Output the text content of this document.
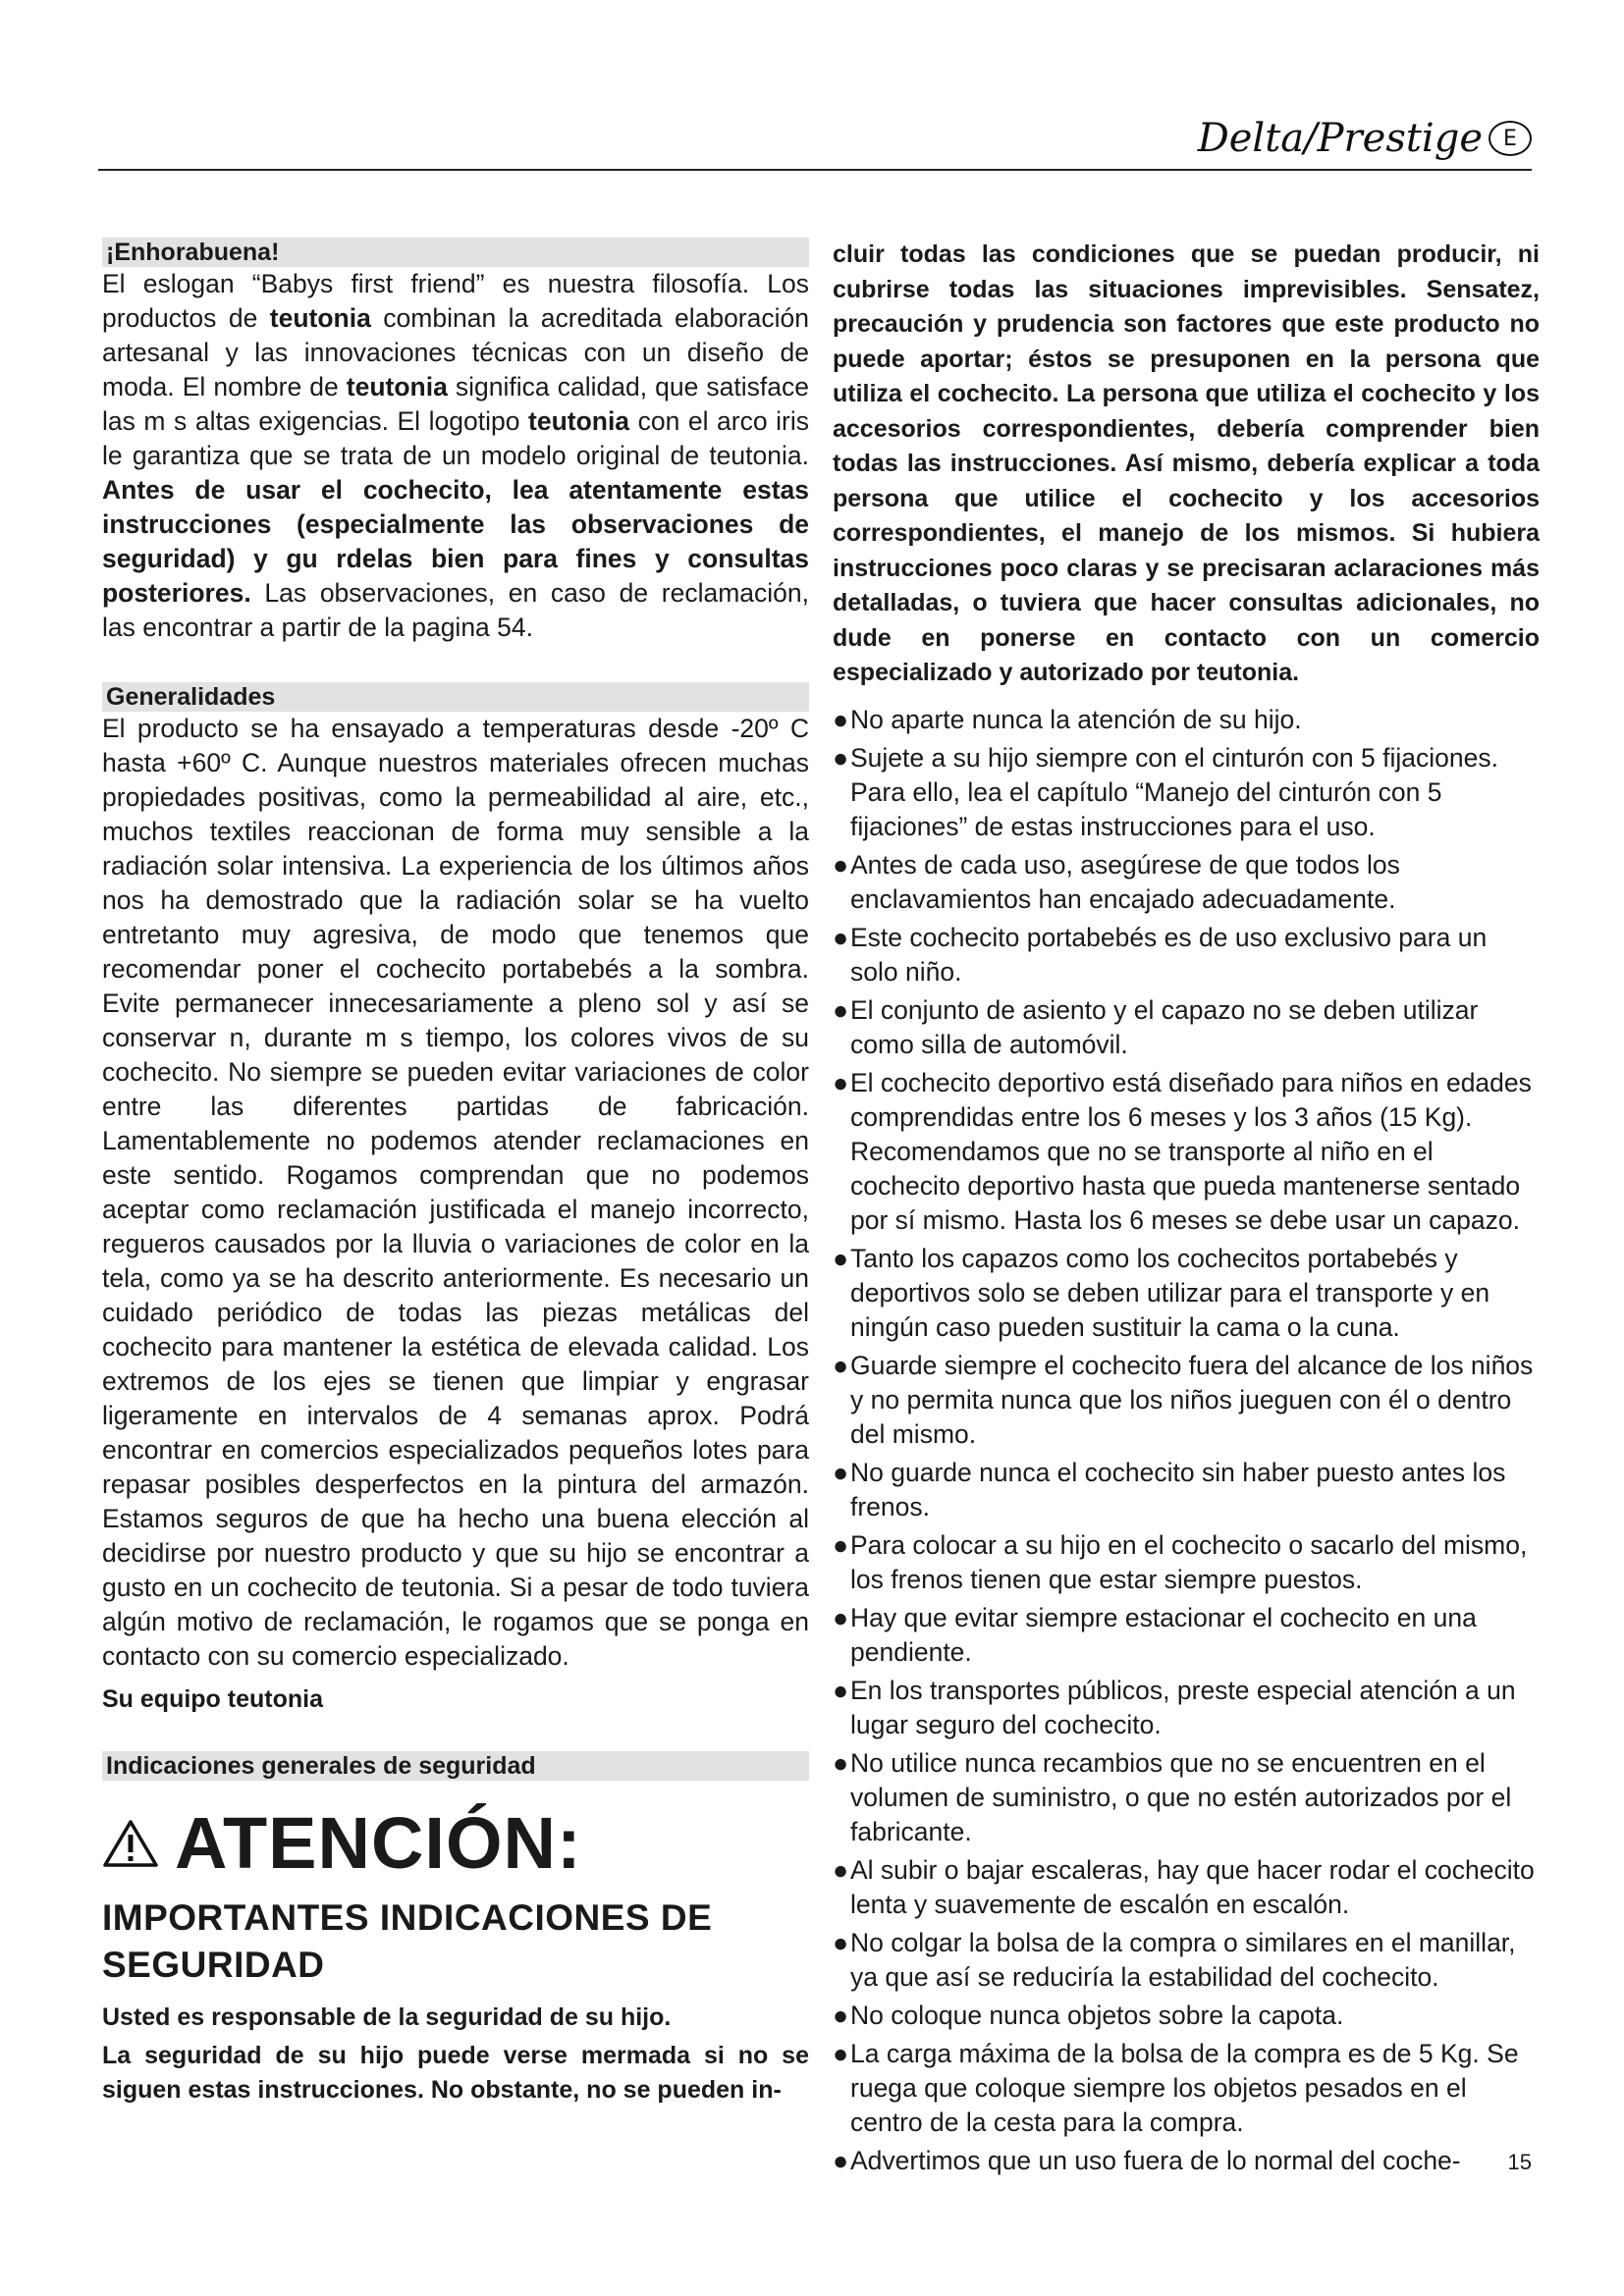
Delta/Prestige E
¡Enhorabuena!

El eslogan “Babys first friend” es nuestra filosofía. Los productos de teutonia combinan la acreditada elaboración artesanal y las innovaciones técnicas con un diseño de moda. El nombre de teutonia significa calidad, que satisface las m s altas exigencias. El logotipo teutonia con el arco iris le garantiza que se trata de un modelo original de teutonia. Antes de usar el cochecito, lea atentamente estas instrucciones (especialmente las observaciones de seguridad) y gu rdelas bien para fines y consultas posteriores. Las observaciones, en caso de reclamación, las encontrar a partir de la pagina 54.

Generalidades

El producto se ha ensayado a temperaturas desde -20º C hasta +60º C. Aunque nuestros materiales ofrecen muchas propiedades positivas, como la permeabilidad al aire, etc., muchos textiles reaccionan de forma muy sensible a la radiación solar intensiva. La experiencia de los últimos años nos ha demostrado que la radiación solar se ha vuelto entretanto muy agresiva, de modo que tenemos que recomendar poner el cochecito portabebés a la sombra. Evite permanecer innecesariamente a pleno sol y así se conservar n, durante m s tiempo, los colores vivos de su cochecito. No siempre se pueden evitar variaciones de color entre las diferentes partidas de fabricación. Lamentablemente no podemos atender reclamaciones en este sentido. Rogamos comprendan que no podemos aceptar como reclamación justificada el manejo incorrecto, regueros causados por la lluvia o variaciones de color en la tela, como ya se ha descrito anteriormente. Es necesario un cuidado periódico de todas las piezas metálicas del cochecito para mantener la estética de elevada calidad. Los extremos de los ejes se tienen que limpiar y engrasar ligeramente en intervalos de 4 semanas aprox. Podrá encontrar en comercios especializados pequeños lotes para repasar posibles desperfectos en la pintura del armazón. Estamos seguros de que ha hecho una buena elección al decidirse por nuestro producto y que su hijo se encontrar a gusto en un cochecito de teutonia. Si a pesar de todo tuviera algún motivo de reclamación, le rogamos que se ponga en contacto con su comercio especializado.

Su equipo teutonia
Indicaciones generales de seguridad
ATENCIÓN:
IMPORTANTES INDICACIONES DE SEGURIDAD

Usted es responsable de la seguridad de su hijo.

La seguridad de su hijo puede verse mermada si no se siguen estas instrucciones. No obstante, no se pueden in-

cluir todas las condiciones que se puedan producir, ni cubrirse todas las situaciones imprevisibles. Sensatez, precaución y prudencia son factores que este producto no puede aportar; éstos se presuponen en la persona que utiliza el cochecito. La persona que utiliza el cochecito y los accesorios correspondientes, debería comprender bien todas las instrucciones. Así mismo, debería explicar a toda persona que utilice el cochecito y los accesorios correspondientes, el manejo de los mismos. Si hubiera instrucciones poco claras y se precisaran aclaraciones más detalladas, o tuviera que hacer consultas adicionales, no dude en ponerse en contacto con un comercio especializado y autorizado por teutonia.

● No aparte nunca la atención de su hijo.
● Sujete a su hijo siempre con el cinturón con 5 fijaciones. Para ello, lea el capítulo “Manejo del cinturón con 5 fijaciones” de estas instrucciones para el uso.
● Antes de cada uso, asegúrese de que todos los enclavamientos han encajado adecuadamente.
● Este cochecito portabebés es de uso exclusivo para un solo niño.
● El conjunto de asiento y el capazo no se deben utilizar como silla de automóvil.
● El cochecito deportivo está diseñado para niños en edades comprendidas entre los 6 meses y los 3 años (15 Kg). Recomendamos que no se transporte al niño en el cochecito deportivo hasta que pueda mantenerse sentado por sí mismo. Hasta los 6 meses se debe usar un capazo.
● Tanto los capazos como los cochecitos portabebés y deportivos solo se deben utilizar para el transporte y en ningún caso pueden sustituir la cama o la cuna.
● Guarde siempre el cochecito fuera del alcance de los niños y no permita nunca que los niños jueguen con él o dentro del mismo.
● No guarde nunca el cochecito sin haber puesto antes los frenos.
● Para colocar a su hijo en el cochecito o sacarlo del mismo, los frenos tienen que estar siempre puestos.
● Hay que evitar siempre estacionar el cochecito en una pendiente.
● En los transportes públicos, preste especial atención a un lugar seguro del cochecito.
● No utilice nunca recambios que no se encuentren en el volumen de suministro, o que no estén autorizados por el fabricante.
● Al subir o bajar escaleras, hay que hacer rodar el cochecito lenta y suavemente de escalón en escalón.
● No colgar la bolsa de la compra o similares en el manillar, ya que así se reduciría la estabilidad del cochecito.
● No coloque nunca objetos sobre la capota.
● La carga máxima de la bolsa de la compra es de 5 Kg. Se ruega que coloque siempre los objetos pesados en el centro de la cesta para la compra.
● Advertimos que un uso fuera de lo normal del coche-	15
